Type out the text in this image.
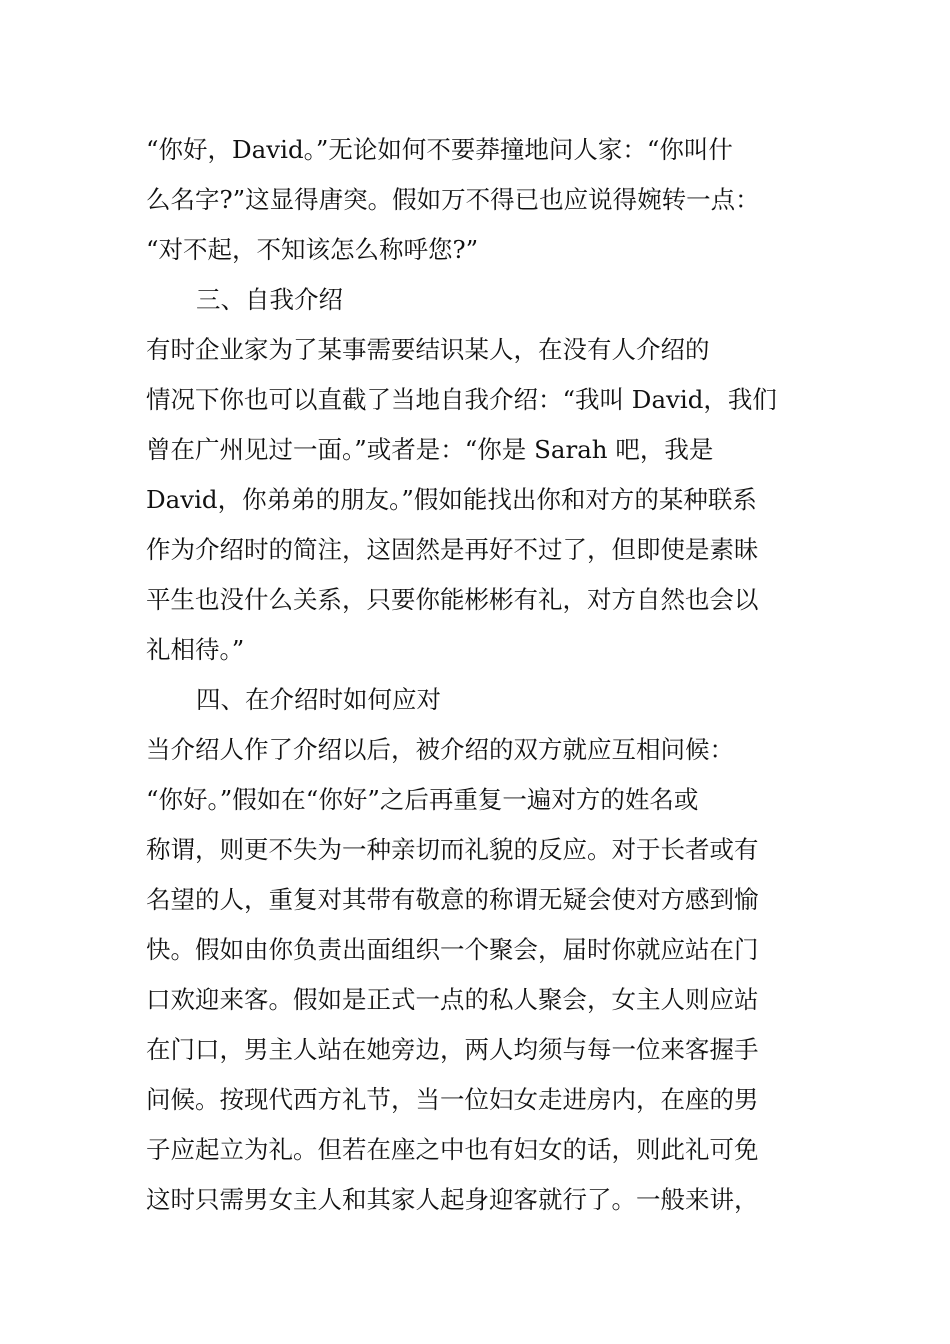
“你好，David。”无论如何不要莽撞地问人家：“你叫什
么名字?”这显得唐突。假如万不得已也应说得婉转一点：
“对不起，不知该怎么称呼您?”
三、自我介绍
有时企业家为了某事需要结识某人，在没有人介绍的
情况下你也可以直截了当地自我介绍：“我叫 David，我们
曾在广州见过一面。”或者是：“你是 Sarah 吧，我是
David，你弟弟的朋友。”假如能找出你和对方的某种联系
作为介绍时的简注，这固然是再好不过了，但即使是素昧
平生也没什么关系，只要你能彬彬有礼，对方自然也会以
礼相待。”
四、在介绍时如何应对
当介绍人作了介绍以后，被介绍的双方就应互相问候：
“你好。”假如在“你好”之后再重复一遍对方的姓名或
称谓，则更不失为一种亲切而礼貌的反应。对于长者或有
名望的人，重复对其带有敬意的称谓无疑会使对方感到愉
快。假如由你负责出面组织一个聚会，届时你就应站在门
口欢迎来客。假如是正式一点的私人聚会，女主人则应站
在门口，男主人站在她旁边，两人均须与每一位来客握手
问候。按现代西方礼节，当一位妇女走进房内，在座的男
子应起立为礼。但若在座之中也有妇女的话，则此礼可免
这时只需男女主人和其家人起身迎客就行了。一般来讲，
